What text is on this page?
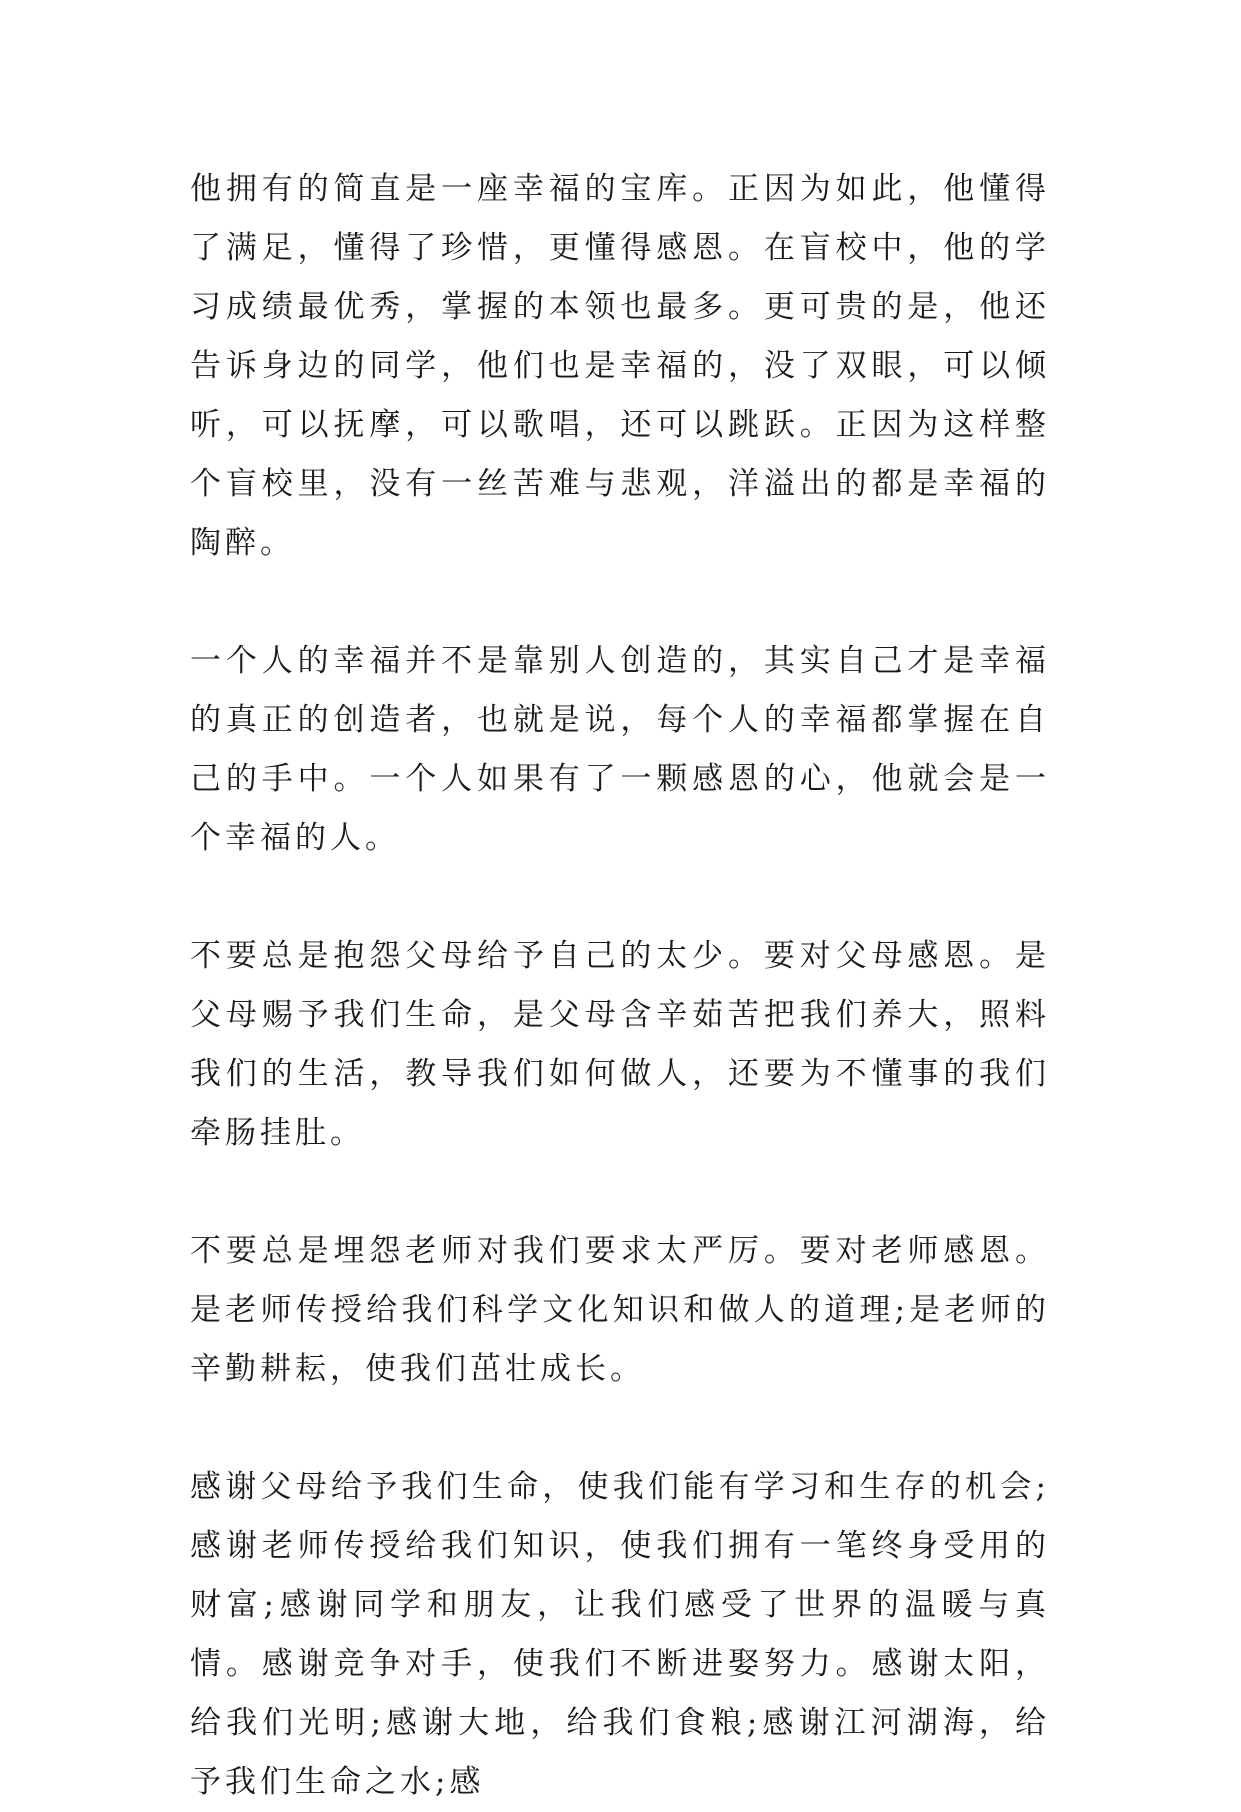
他拥有的简直是一座幸福的宝库。正因为如此，他懂得了满足，懂得了珍惜，更懂得感恩。在盲校中，他的学习成绩最优秀，掌握的本领也最多。更可贵的是，他还告诉身边的同学，他们也是幸福的，没了双眼，可以倾听，可以抚摩，可以歌唱，还可以跳跃。正因为这样整个盲校里，没有一丝苦难与悲观，洋溢出的都是幸福的陶醉。

一个人的幸福并不是靠别人创造的，其实自己才是幸福的真正的创造者，也就是说，每个人的幸福都掌握在自己的手中。一个人如果有了一颗感恩的心，他就会是一个幸福的人。

不要总是抱怨父母给予自己的太少。要对父母感恩。是父母赐予我们生命，是父母含辛茹苦把我们养大，照料我们的生活，教导我们如何做人，还要为不懂事的我们牵肠挂肚。

不要总是埋怨老师对我们要求太严厉。要对老师感恩。是老师传授给我们科学文化知识和做人的道理;是老师的辛勤耕耘，使我们茁壮成长。

感谢父母给予我们生命，使我们能有学习和生存的机会;感谢老师传授给我们知识，使我们拥有一笔终身受用的财富;感谢同学和朋友，让我们感受了世界的温暖与真情。感谢竞争对手，使我们不断进娶努力。感谢太阳，给我们光明;感谢大地，给我们食粮;感谢江河湖海，给予我们生命之水;感
